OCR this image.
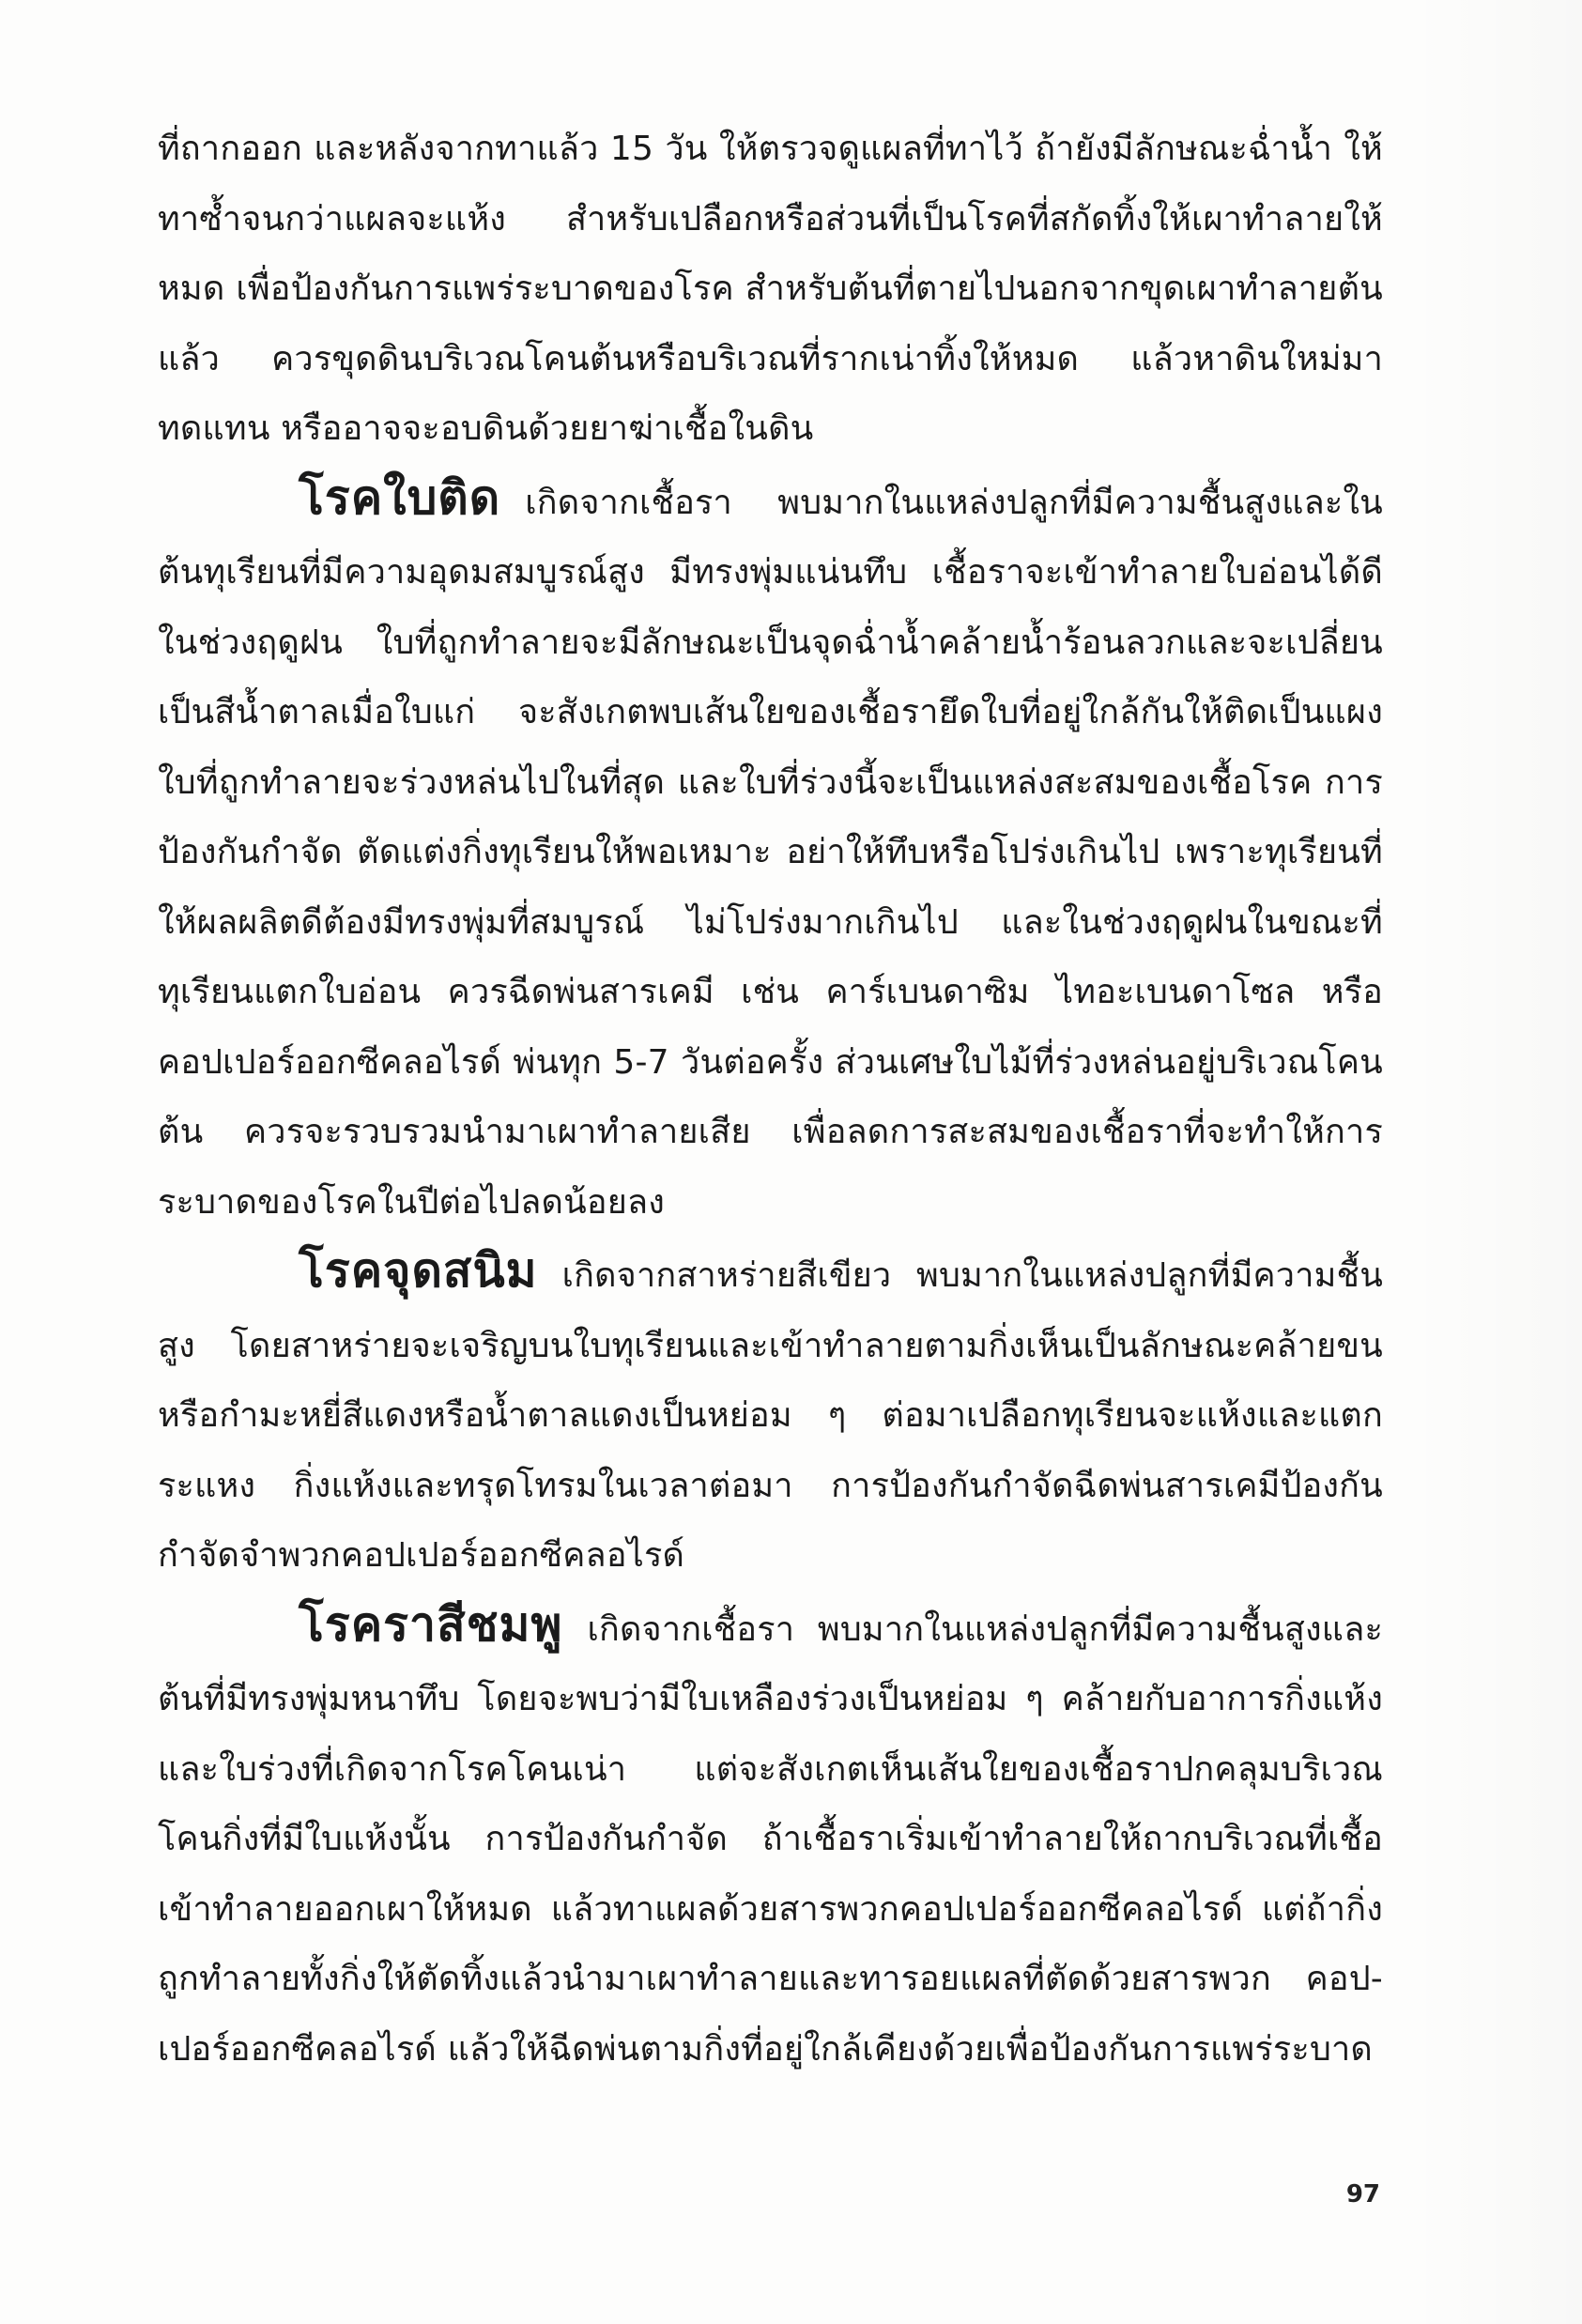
ที่ถากออก และหลังจากทาแล้ว 15 วัน ให้ตรวจดูแผลที่ทาไว้ ถ้ายังมีลักษณะฉ่ำน้ำ ให้ทาซ้ำจนกว่าแผลจะแห้ง สำหรับเปลือกหรือส่วนที่เป็นโรคที่สกัดทิ้งให้เผาทำลายให้หมด เพื่อป้องกันการแพร่ระบาดของโรค สำหรับต้นที่ตายไปนอกจากขุดเผาทำลายต้นแล้ว ควรขุดดินบริเวณโคนต้นหรือบริเวณที่รากเน่าทิ้งให้หมด แล้วหาดินใหม่มาทดแทน หรืออาจจะอบดินด้วยยาฆ่าเชื้อในดิน

โรคใบติด เกิดจากเชื้อรา พบมากในแหล่งปลูกที่มีความชื้นสูงและในต้นทุเรียนที่มีความอุดมสมบูรณ์สูง มีทรงพุ่มแน่นทึบ เชื้อราจะเข้าทำลายใบอ่อนได้ดี ในช่วงฤดูฝน ใบที่ถูกทำลายจะมีลักษณะเป็นจุดฉ่ำน้ำคล้ายน้ำร้อนลวกและจะเปลี่ยนเป็นสีน้ำตาลเมื่อใบแก่ จะสังเกตพบเส้นใยของเชื้อรายึดใบที่อยู่ใกล้กันให้ติดเป็นแผง ใบที่ถูกทำลายจะร่วงหล่นไปในที่สุด และใบที่ร่วงนี้จะเป็นแหล่งสะสมของเชื้อโรค การป้องกันกำจัด ตัดแต่งกิ่งทุเรียนให้พอเหมาะ อย่าให้ทึบหรือโปร่งเกินไป เพราะทุเรียนที่ให้ผลผลิตดีต้องมีทรงพุ่มที่สมบูรณ์ ไม่โปร่งมากเกินไป และในช่วงฤดูฝนในขณะที่ทุเรียนแตกใบอ่อน ควรฉีดพ่นสารเคมี เช่น คาร์เบนดาซิม ไทอะเบนดาโซล หรือคอปเปอร์ออกซีคลอไรด์ พ่นทุก 5-7 วันต่อครั้ง ส่วนเศษใบไม้ที่ร่วงหล่นอยู่บริเวณโคนต้น ควรจะรวบรวมนำมาเผาทำลายเสีย เพื่อลดการสะสมของเชื้อราที่จะทำให้การระบาดของโรคในปีต่อไปลดน้อยลง

โรคจุดสนิม เกิดจากสาหร่ายสีเขียว พบมากในแหล่งปลูกที่มีความชื้นสูง โดยสาหร่ายจะเจริญบนใบทุเรียนและเข้าทำลายตามกิ่งเห็นเป็นลักษณะคล้ายขนหรือกำมะหยี่สีแดงหรือน้ำตาลแดงเป็นหย่อม ๆ ต่อมาเปลือกทุเรียนจะแห้งและแตกระแหง กิ่งแห้งและทรุดโทรมในเวลาต่อมา การป้องกันกำจัดฉีดพ่นสารเคมีป้องกันกำจัดจำพวกคอปเปอร์ออกซีคลอไรด์

โรคราสีชมพู เกิดจากเชื้อรา พบมากในแหล่งปลูกที่มีความชื้นสูงและต้นที่มีทรงพุ่มหนาทึบ โดยจะพบว่ามีใบเหลืองร่วงเป็นหย่อม ๆ คล้ายกับอาการกิ่งแห้ง และใบร่วงที่เกิดจากโรคโคนเน่า แต่จะสังเกตเห็นเส้นใยของเชื้อราปกคลุมบริเวณโคนกิ่งที่มีใบแห้งนั้น การป้องกันกำจัด ถ้าเชื้อราเริ่มเข้าทำลายให้ถากบริเวณที่เชื้อเข้าทำลายออกเผาให้หมด แล้วทาแผลด้วยสารพวกคอปเปอร์ออกซีคลอไรด์ แต่ถ้ากิ่งถูกทำลายทั้งกิ่งให้ตัดทิ้งแล้วนำมาเผาทำลายและทารอยแผลที่ตัดด้วยสารพวก คอป-เปอร์ออกซีคลอไรด์ แล้วให้ฉีดพ่นตามกิ่งที่อยู่ใกล้เคียงด้วยเพื่อป้องกันการแพร่ระบาด

97
